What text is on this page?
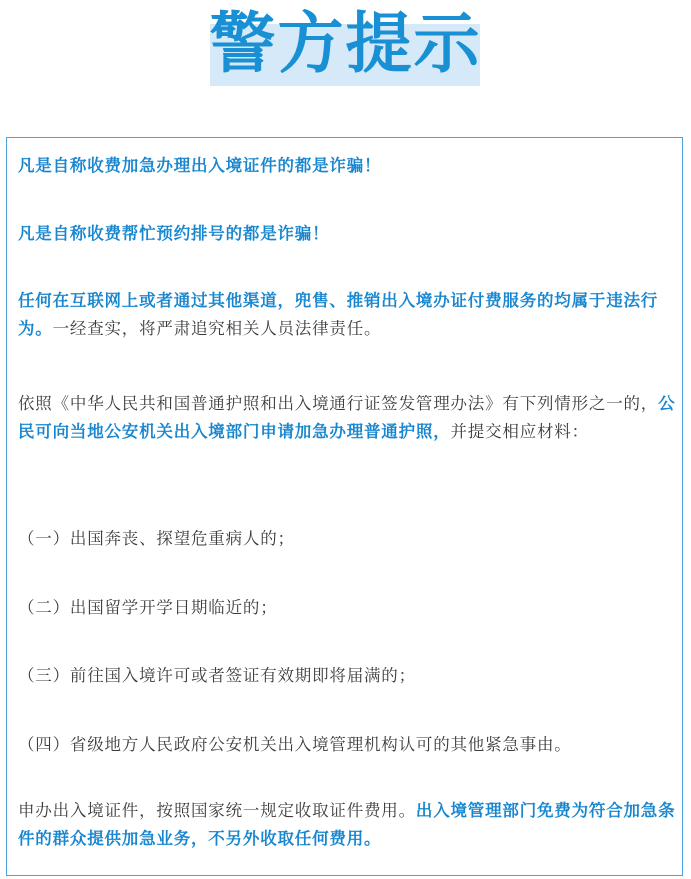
警方提示

凡是自称收费加急办理出入境证件的都是诈骗！

凡是自称收费帮忙预约排号的都是诈骗！

任何在互联网上或者通过其他渠道，兜售、推销出入境办证付费服务的均属于违法行为。一经查实，将严肃追究相关人员法律责任。

依照《中华人民共和国普通护照和出入境通行证签发管理办法》有下列情形之一的，公民可向当地公安机关出入境部门申请加急办理普通护照，并提交相应材料：

（一）出国奔丧、探望危重病人的；

（二）出国留学开学日期临近的；

（三）前往国入境许可或者签证有效期即将届满的；

（四）省级地方人民政府公安机关出入境管理机构认可的其他紧急事由。

申办出入境证件，按照国家统一规定收取证件费用。出入境管理部门免费为符合加急条件的群众提供加急业务，不另外收取任何费用。
